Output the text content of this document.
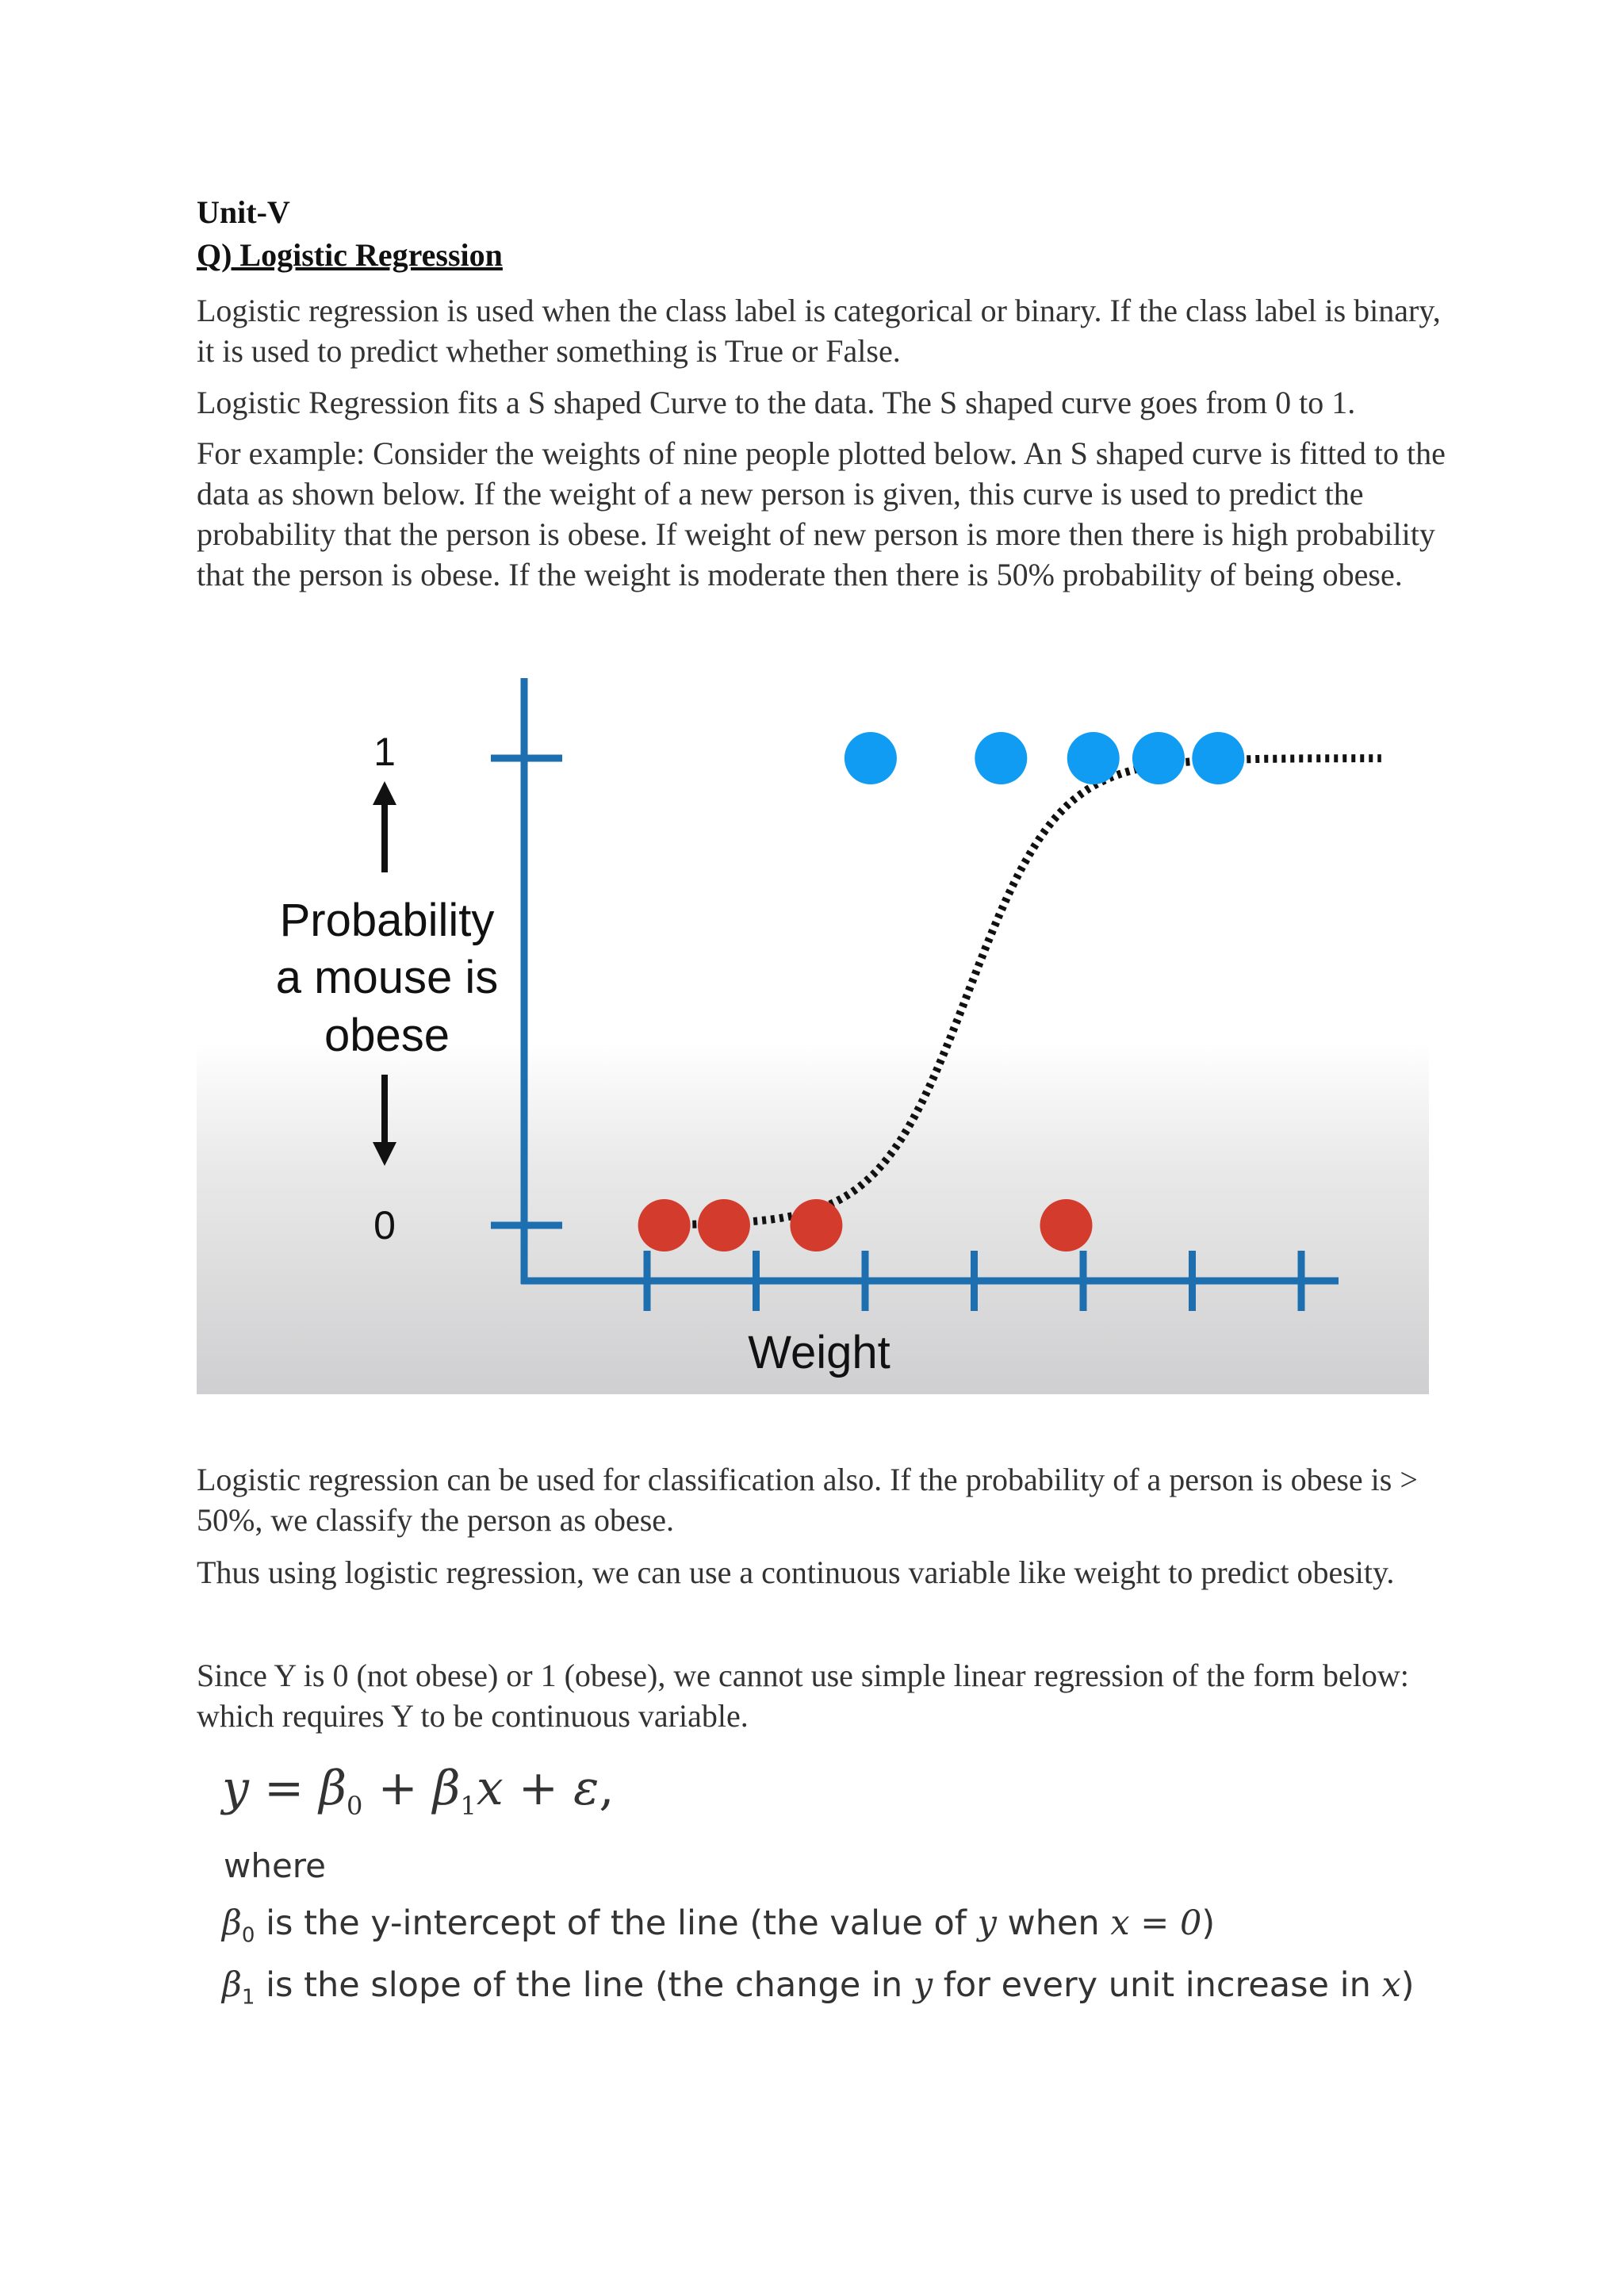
Unit-V

Q) Logistic Regression

Logistic regression is used when the class label is categorical or binary. If the class label is binary, it is used to predict whether something is True or False.

Logistic Regression fits a S shaped Curve to the data. The S shaped curve goes from 0 to 1.

For example: Consider the weights of nine people plotted below. An S shaped curve is fitted to the data as shown below. If the weight of a new person is given, this curve is used to predict the probability that the person is obese. If weight of new person is more then there is high probability that the person is obese. If the weight is moderate then there is 50% probability of being obese.

1
0
Probability
a mouse is
obese
Weight

Logistic regression can be used for classification also. If the probability of a person is obese is > 50%, we classify the person as obese.

Thus using logistic regression, we can use a continuous variable like weight to predict obesity.

Since Y is 0 (not obese) or 1 (obese), we cannot use simple linear regression of the form below: which requires Y to be continuous variable.

$y = \beta_0 + \beta_1x + \varepsilon$,
where
$\beta_0$ is the y-intercept of the line (the value of y when x = 0)
$\beta_1$ is the slope of the line (the change in y for every unit increase in x)
